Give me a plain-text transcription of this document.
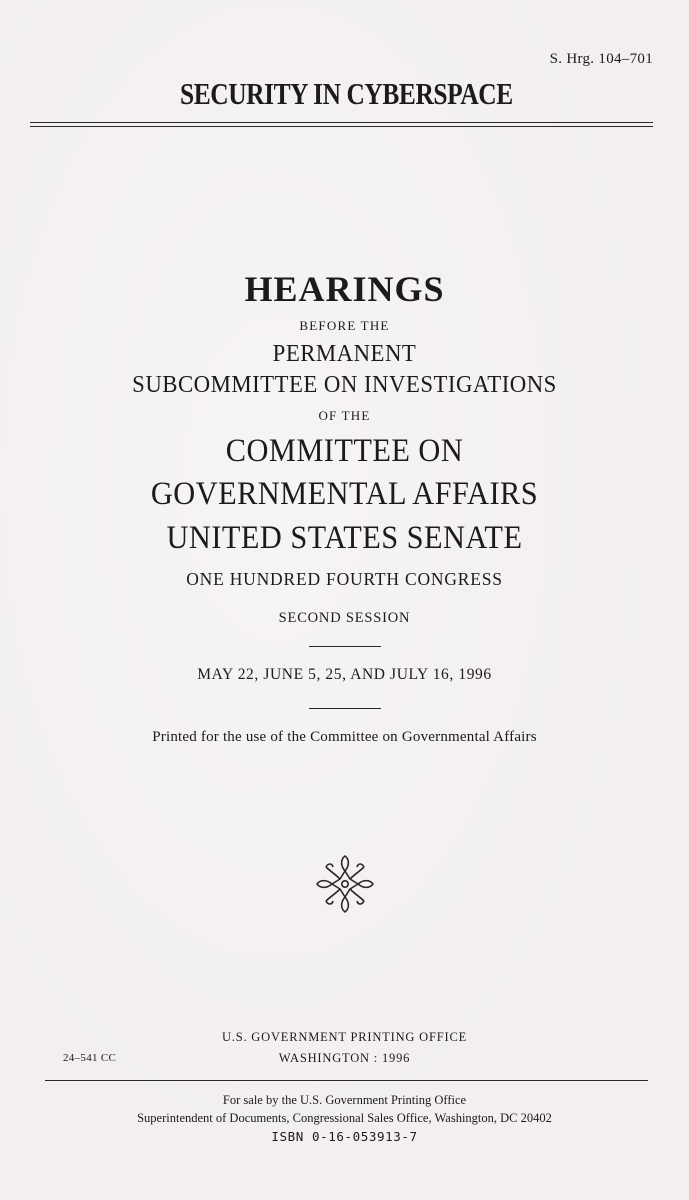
S. Hrg. 104–701
SECURITY IN CYBERSPACE
HEARINGS
BEFORE THE
PERMANENT
SUBCOMMITTEE ON INVESTIGATIONS
OF THE
COMMITTEE ON
GOVERNMENTAL AFFAIRS
UNITED STATES SENATE
ONE HUNDRED FOURTH CONGRESS
SECOND SESSION
MAY 22, JUNE 5, 25, AND JULY 16, 1996
Printed for the use of the Committee on Governmental Affairs
U.S. GOVERNMENT PRINTING OFFICE
24–541 CC	WASHINGTON : 1996
For sale by the U.S. Government Printing Office
Superintendent of Documents, Congressional Sales Office, Washington, DC 20402
ISBN 0-16-053913-7
